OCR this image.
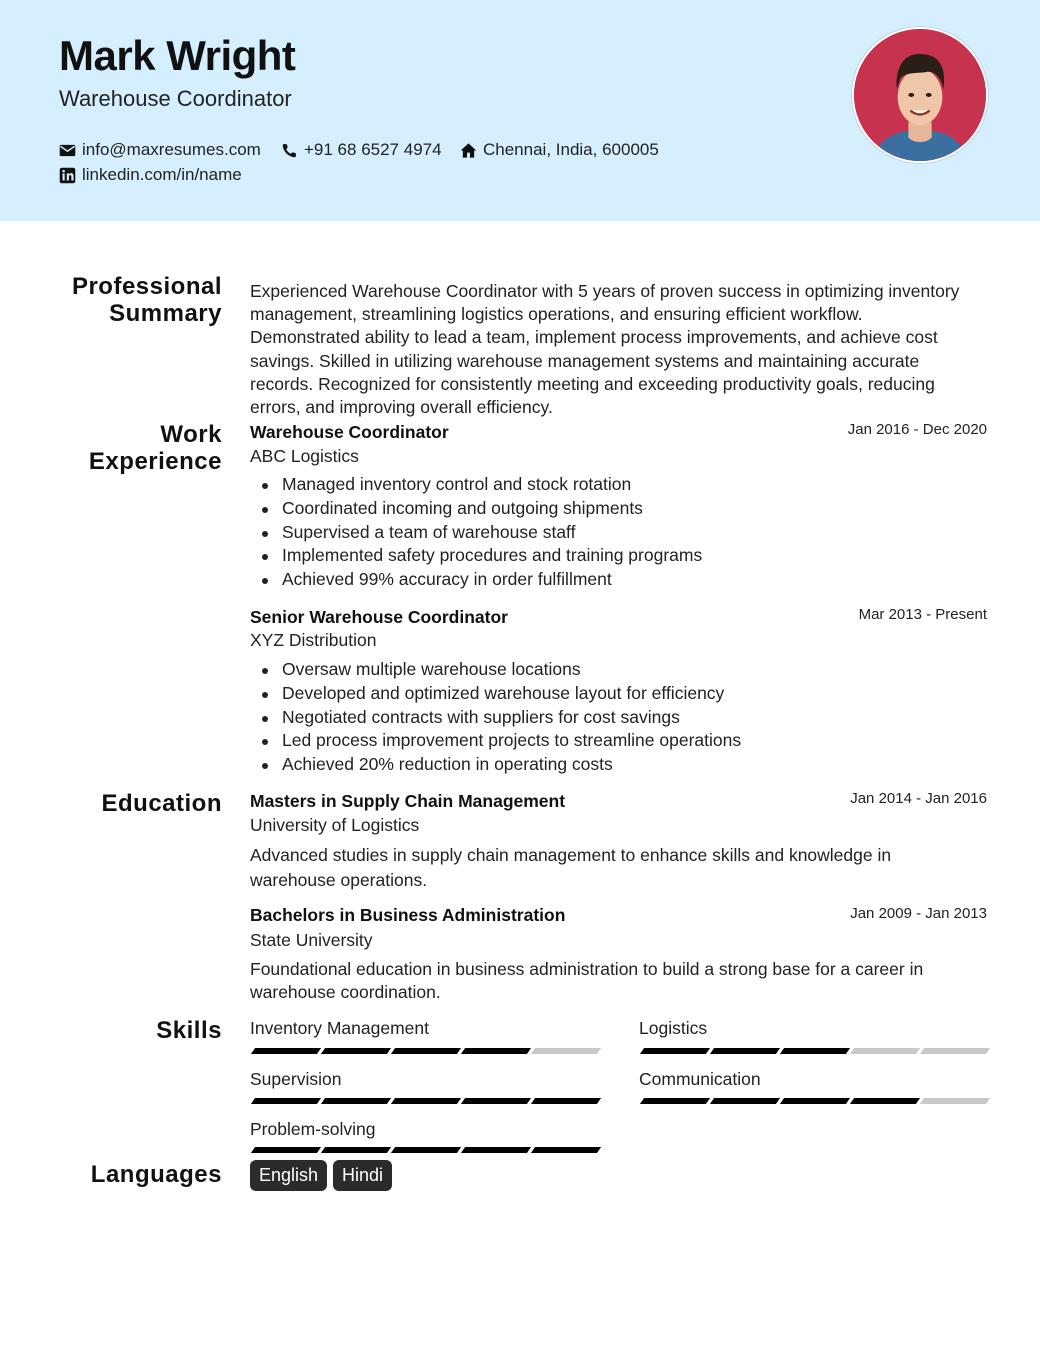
Mark Wright
Warehouse Coordinator
info@maxresumes.com	+91 68 6527 4974 Chennai, India, 600005
linkedin.com/in/name
Professional
Summary
Experienced Warehouse Coordinator with 5 years of proven success in optimizing inventory
management, streamlining logistics operations, and ensuring efficient workflow.
Demonstrated ability to lead a team, implement process improvements, and achieve cost
savings. Skilled in utilizing warehouse management systems and maintaining accurate
records. Recognized for consistently meeting and exceeding productivity goals, reducing
errors, and improving overall efficiency.
Work
Experience
Warehouse Coordinator	Jan 2016 - Dec 2020
ABC Logistics
Managed inventory control and stock rotation
Coordinated incoming and outgoing shipments
Supervised a team of warehouse staff
Implemented safety procedures and training programs
Achieved 99% accuracy in order fulfillment
Senior Warehouse Coordinator	Mar 2013 - Present
XYZ Distribution
Oversaw multiple warehouse locations
Developed and optimized warehouse layout for efficiency
Negotiated contracts with suppliers for cost savings
Led process improvement projects to streamline operations
Achieved 20% reduction in operating costs
Education Masters in Supply Chain Management	Jan 2014 - Jan 2016
University of Logistics
Advanced studies in supply chain management to enhance skills and knowledge in
warehouse operations.
Bachelors in Business Administration	Jan 2009 - Jan 2013
State University
Foundational education in business administration to build a strong base for a career in
warehouse coordination.
Skills Inventory Management	Logistics
Supervision	Communication
Problem-solving
Languages	English	Hindi
